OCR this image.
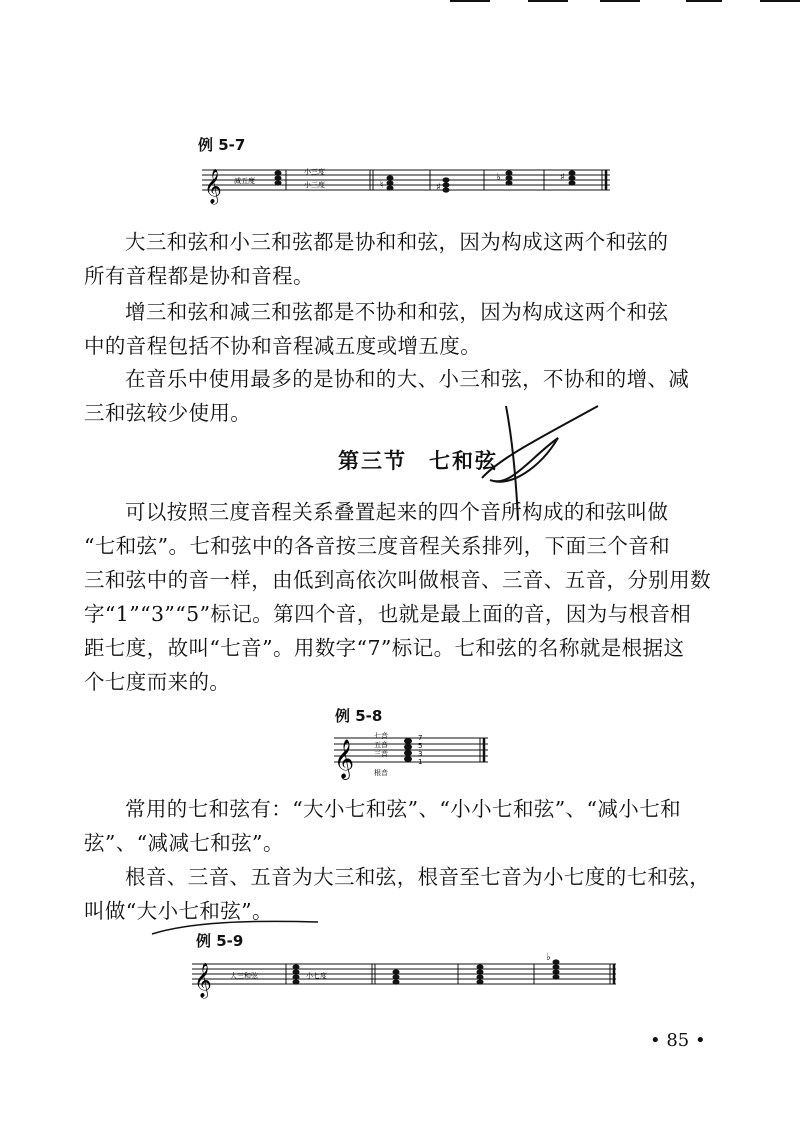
例 5-7
𝄞 减五度
小三度
小三度	♮	♯
♭	♯

大三和弦和小三和弦都是协和和弦，因为构成这两个和弦的
所有音程都是协和音程。

增三和弦和减三和弦都是不协和和弦，因为构成这两个和弦
中的音程包括不协和音程减五度或增五度。

在音乐中使用最多的是协和的大、小三和弦，不协和的增、减
三和弦较少使用。

第三节 七和弦

可以按照三度音程关系叠置起来的四个音所构成的和弦叫做
“七和弦”。七和弦中的各音按三度音程关系排列，下面三个音和
三和弦中的音一样，由低到高依次叫做根音、三音、五音，分别用数
字“1”“3”“5”标记。第四个音，也就是最上面的音，因为与根音相
距七度，故叫“七音”。用数字“7”标记。七和弦的名称就是根据这
个七度而来的。

例 5-8
𝄞
七音
五音
三音
根音
7
5
3
1

常用的七和弦有：“大小七和弦”、“小小七和弦”、“减小七和
弦”、“减减七和弦”。

根音、三音、五音为大三和弦，根音至七音为小七度的七和弦，
叫做“大小七和弦”。

例 5-9
𝄞	大三和弦	小七度
♭
• 85 •
